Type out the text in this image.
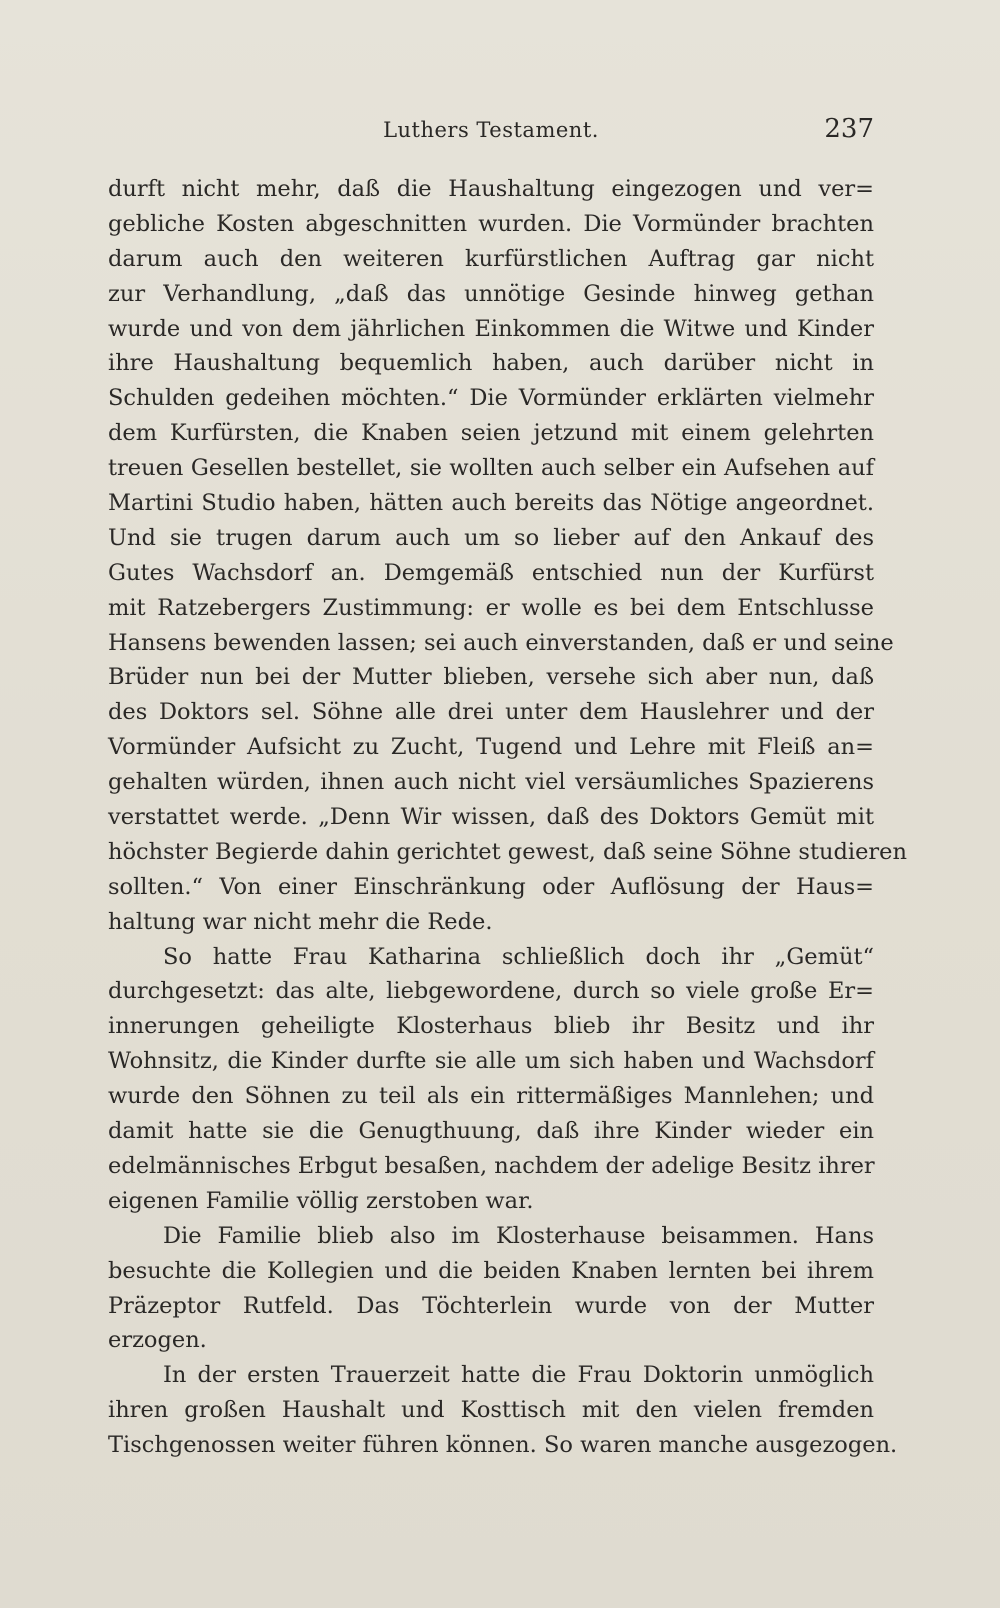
Luthers Testament.	237
durft nicht mehr, daß die Haushaltung eingezogen und ver=
gebliche Kosten abgeschnitten wurden. Die Vormünder brachten
darum auch den weiteren kurfürstlichen Auftrag gar nicht
zur Verhandlung, „daß das unnötige Gesinde hinweg gethan
wurde und von dem jährlichen Einkommen die Witwe und Kinder
ihre Haushaltung bequemlich haben, auch darüber nicht in
Schulden gedeihen möchten.“ Die Vormünder erklärten vielmehr
dem Kurfürsten, die Knaben seien jetzund mit einem gelehrten
treuen Gesellen bestellet, sie wollten auch selber ein Aufsehen auf
Martini Studio haben, hätten auch bereits das Nötige angeordnet.
Und sie trugen darum auch um so lieber auf den Ankauf des
Gutes Wachsdorf an. Demgemäß entschied nun der Kurfürst
mit Ratzebergers Zustimmung: er wolle es bei dem Entschlusse
Hansens bewenden lassen; sei auch einverstanden, daß er und seine
Brüder nun bei der Mutter blieben, versehe sich aber nun, daß
des Doktors sel. Söhne alle drei unter dem Hauslehrer und der
Vormünder Aufsicht zu Zucht, Tugend und Lehre mit Fleiß an=
gehalten würden, ihnen auch nicht viel versäumliches Spazierens
verstattet werde. „Denn Wir wissen, daß des Doktors Gemüt mit
höchster Begierde dahin gerichtet gewest, daß seine Söhne studieren
sollten.“ Von einer Einschränkung oder Auflösung der Haus=
haltung war nicht mehr die Rede.
So hatte Frau Katharina schließlich doch ihr „Gemüt“
durchgesetzt: das alte, liebgewordene, durch so viele große Er=
innerungen geheiligte Klosterhaus blieb ihr Besitz und ihr
Wohnsitz, die Kinder durfte sie alle um sich haben und Wachsdorf
wurde den Söhnen zu teil als ein rittermäßiges Mannlehen; und
damit hatte sie die Genugthuung, daß ihre Kinder wieder ein
edelmännisches Erbgut besaßen, nachdem der adelige Besitz ihrer
eigenen Familie völlig zerstoben war.
Die Familie blieb also im Klosterhause beisammen. Hans
besuchte die Kollegien und die beiden Knaben lernten bei ihrem
Präzeptor Rutfeld. Das Töchterlein wurde von der Mutter
erzogen.
In der ersten Trauerzeit hatte die Frau Doktorin unmöglich
ihren großen Haushalt und Kosttisch mit den vielen fremden
Tischgenossen weiter führen können. So waren manche ausgezogen.
